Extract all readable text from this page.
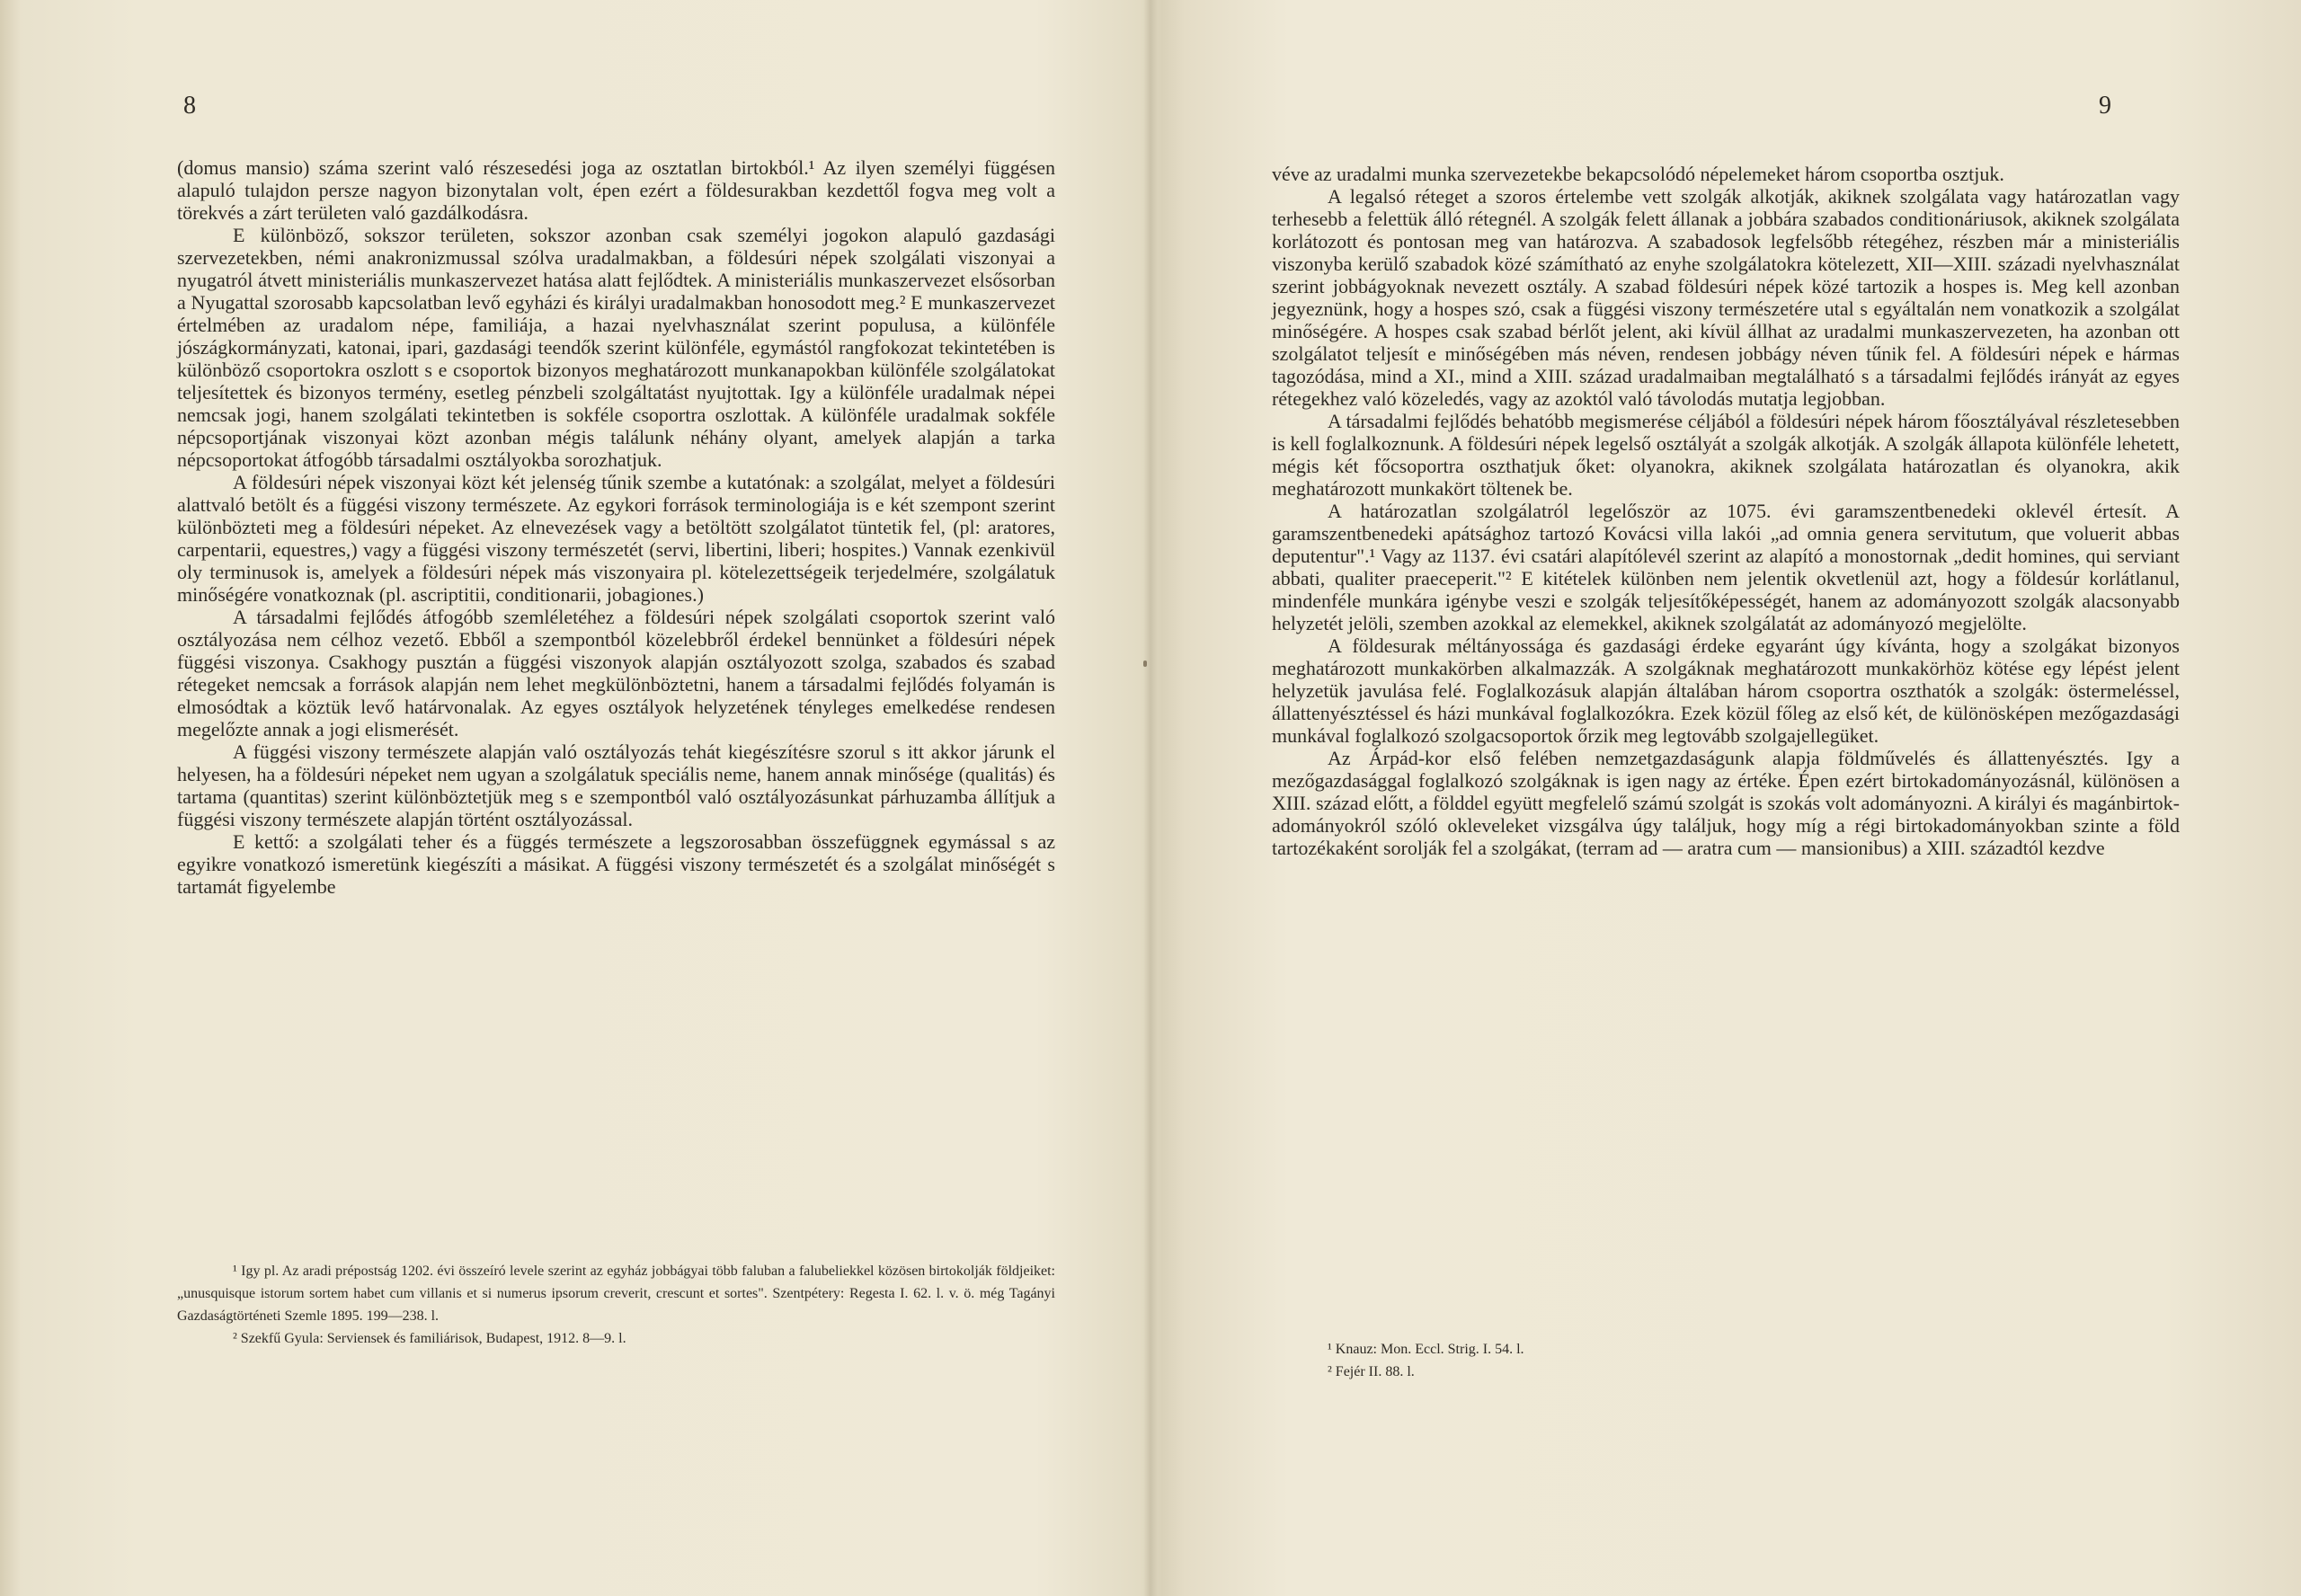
8

(domus mansio) száma szerint való részesedési joga az osztatlan birtokból.¹ Az ilyen személyi függésen alapuló tulajdon persze nagyon bizonytalan volt, épen ezért a földesurakban kezdettől fogva meg volt a törekvés a zárt területen való gazdálkodásra.

E különböző, sokszor területen, sokszor azonban csak személyi jogokon alapuló gazdasági szervezetekben, némi anakronizmussal szólva uradalmakban, a földesúri népek szolgálati viszonyai a nyugatról átvett ministeriális munkaszervezet hatása alatt fejlődtek. A ministeriális munkaszervezet elsősorban a Nyugattal szorosabb kapcsolatban levő egyházi és királyi uradalmakban honosodott meg.² E munkaszervezet értelmében az uradalom népe, familiája, a hazai nyelvhasználat szerint populusa, a különféle jószágkormányzati, katonai, ipari, gazdasági teendők szerint különféle, egymástól rangfokozat tekintetében is különböző csoportokra oszlott s e csoportok bizonyos meghatározott munkanapokban különféle szolgálatokat teljesítettek és bizonyos termény, esetleg pénzbeli szolgáltatást nyujtottak. Igy a különféle uradalmak népei nemcsak jogi, hanem szolgálati tekintetben is sokféle csoportra oszlottak. A különféle uradalmak sokféle népcsoportjának viszonyai közt azonban mégis találunk néhány olyant, amelyek alapján a tarka népcsoportokat átfogóbb társadalmi osztályokba sorozhatjuk.

A földesúri népek viszonyai közt két jelenség tűnik szembe a kutatónak: a szolgálat, melyet a földesúri alattvaló betölt és a függési viszony természete. Az egykori források terminologiája is e két szempont szerint különbözteti meg a földesúri népeket. Az elnevezések vagy a betöltött szolgálatot tüntetik fel, (pl: aratores, carpentarii, equestres,) vagy a függési viszony természetét (servi, libertini, liberi; hospites.) Vannak ezenkivül oly terminusok is, amelyek a földesúri népek más viszonyaira pl. kötelezettségeik terjedelmére, szolgálatuk minőségére vonatkoznak (pl. ascriptitii, conditionarii, jobagiones.)

A társadalmi fejlődés átfogóbb szemléletéhez a földesúri népek szolgálati csoportok szerint való osztályozása nem célhoz vezető. Ebből a szempontból közelebbről érdekel bennünket a földesúri népek függési viszonya. Csakhogy pusztán a függési viszonyok alapján osztályozott szolga, szabados és szabad rétegeket nemcsak a források alapján nem lehet megkülönböztetni, hanem a társadalmi fejlődés folyamán is elmosódtak a köztük levő határvonalak. Az egyes osztályok helyzetének tényleges emelkedése rendesen megelőzte annak a jogi elismerését.

A függési viszony természete alapján való osztályozás tehát kiegészítésre szorul s itt akkor járunk el helyesen, ha a földesúri népeket nem ugyan a szolgálatuk speciális neme, hanem annak minősége (qualitás) és tartama (quantitas) szerint különböztetjük meg s e szempontból való osztályozásunkat párhuzamba állítjuk a függési viszony természete alapján történt osztályozással.

E kettő: a szolgálati teher és a függés természete a legszorosabban összefüggnek egymással s az egyikre vonatkozó ismeretünk kiegészíti a másikat. A függési viszony természetét és a szolgálat minőségét s tartamát figyelembe

¹ Igy pl. Az aradi prépostság 1202. évi összeíró levele szerint az egyház jobbágyai több faluban a falubeliekkel közösen birtokolják földjeiket: „unusquisque istorum sortem habet cum villanis et si numerus ipsorum creverit, crescunt et sortes". Szentpétery: Regesta I. 62. l. v. ö. még Tagányi Gazdaságtörténeti Szemle 1895. 199—238. l.

² Szekfű Gyula: Serviensek és familiárisok, Budapest, 1912. 8—9. l.

9

véve az uradalmi munka szervezetekbe bekapcsolódó népelemeket három csoportba osztjuk.

A legalsó réteget a szoros értelembe vett szolgák alkotják, akiknek szolgálata vagy határozatlan vagy terhesebb a felettük álló rétegnél. A szolgák felett állanak a jobbára szabados conditionáriusok, akiknek szolgálata korlátozott és pontosan meg van határozva. A szabadosok legfelsőbb rétegéhez, részben már a ministeriális viszonyba kerülő szabadok közé számítható az enyhe szolgálatokra kötelezett, XII—XIII. századi nyelvhasználat szerint jobbágyoknak nevezett osztály. A szabad földesúri népek közé tartozik a hospes is. Meg kell azonban jegyeznünk, hogy a hospes szó, csak a függési viszony természetére utal s egyáltalán nem vonatkozik a szolgálat minőségére. A hospes csak szabad bérlőt jelent, aki kívül állhat az uradalmi munkaszervezeten, ha azonban ott szolgálatot teljesít e minőségében más néven, rendesen jobbágy néven tűnik fel. A földesúri népek e hármas tagozódása, mind a XI., mind a XIII. század uradalmaiban megtalálható s a társadalmi fejlődés irányát az egyes rétegekhez való közeledés, vagy az azoktól való távolodás mutatja legjobban.

A társadalmi fejlődés behatóbb megismerése céljából a földesúri népek három főosztályával részletesebben is kell foglalkoznunk. A földesúri népek legelső osztályát a szolgák alkotják. A szolgák állapota különféle lehetett, mégis két főcsoportra oszthatjuk őket: olyanokra, akiknek szolgálata határozatlan és olyanokra, akik meghatározott munkakört töltenek be.

A határozatlan szolgálatról legelőször az 1075. évi garamszentbenedeki oklevél értesít. A garamszentbenedeki apátsághoz tartozó Kovácsi villa lakói „ad omnia genera servitutum, que voluerit abbas deputentur".¹ Vagy az 1137. évi csatári alapítólevél szerint az alapító a monostornak „dedit homines, qui serviant abbati, qualiter praeceperit."² E kitételek különben nem jelentik okvetlenül azt, hogy a földesúr korlátlanul, mindenféle munkára igénybe veszi e szolgák teljesítőképességét, hanem az adományozott szolgák alacsonyabb helyzetét jelöli, szemben azokkal az elemekkel, akiknek szolgálatát az adományozó megjelölte.

A földesurak méltányossága és gazdasági érdeke egyaránt úgy kívánta, hogy a szolgákat bizonyos meghatározott munkakörben alkalmazzák. A szolgáknak meghatározott munkakörhöz kötése egy lépést jelent helyzetük javulása felé. Foglalkozásuk alapján általában három csoportra oszthatók a szolgák: östermeléssel, állattenyésztéssel és házi munkával foglalkozókra. Ezek közül főleg az első két, de különösképen mezőgazdasági munkával foglalkozó szolgacsoportok őrzik meg legtovább szolgajellegüket.

Az Árpád-kor első felében nemzetgazdaságunk alapja földművelés és állattenyésztés. Igy a mezőgazdasággal foglalkozó szolgáknak is igen nagy az értéke. Épen ezért birtokadományozásnál, különösen a XIII. század előtt, a földdel együtt megfelelő számú szolgát is szokás volt adományozni. A királyi és magánbirtok-adományokról szóló okleveleket vizsgálva úgy találjuk, hogy míg a régi birtokadományokban szinte a föld tartozékaként sorolják fel a szolgákat, (terram ad — aratra cum — mansionibus) a XIII. századtól kezdve

¹ Knauz: Mon. Eccl. Strig. I. 54. l.

² Fejér II. 88. l.
